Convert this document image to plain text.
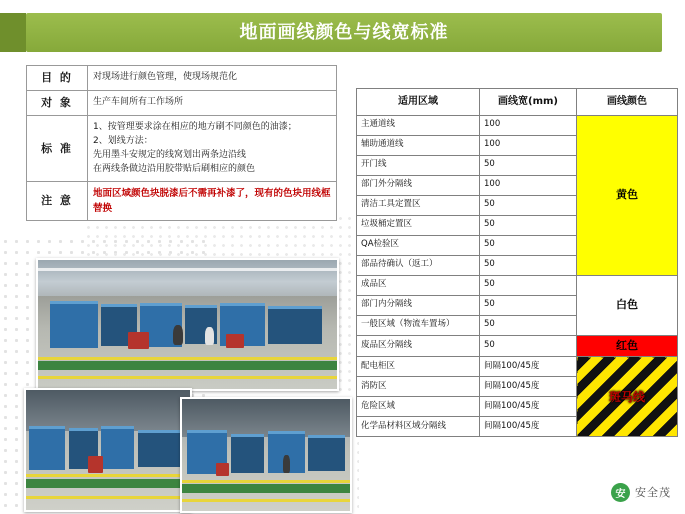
地面画线颜色与线宽标准
目 的	对现场进行颜色管理，使现场规范化
对 象	生产车间所有工作场所
标 准	1、按管理要求涂在相应的地方刷不同颜色的油漆；
2、划线方法：
先用墨斗安规定的线窝划出两条边沿线
在两线条做边沿用胶带贴后刷相应的颜色

注 意	地面区域颜色块脱漆后不需再补漆了，现有的色块用线框替换
适用区域	画线宽(mm)	画线颜色
主通道线	100	黄色

辅助通道线	100	
开门线	50	
部门外分隔线	100	
清洁工具定置区	50	
垃圾桶定置区	50	
QA检验区	50	
部品待确认（返工）	50	
成品区	50	白色

部门内分隔线	50	
一般区域（物流车置场）	50	
废品区分隔线	50	红色

配电柜区	间隔100/45度	斑马线

消防区	间隔100/45度	
危险区域	间隔100/45度	
化学品材料区域分隔线	间隔100/45度	
安 安全茂
